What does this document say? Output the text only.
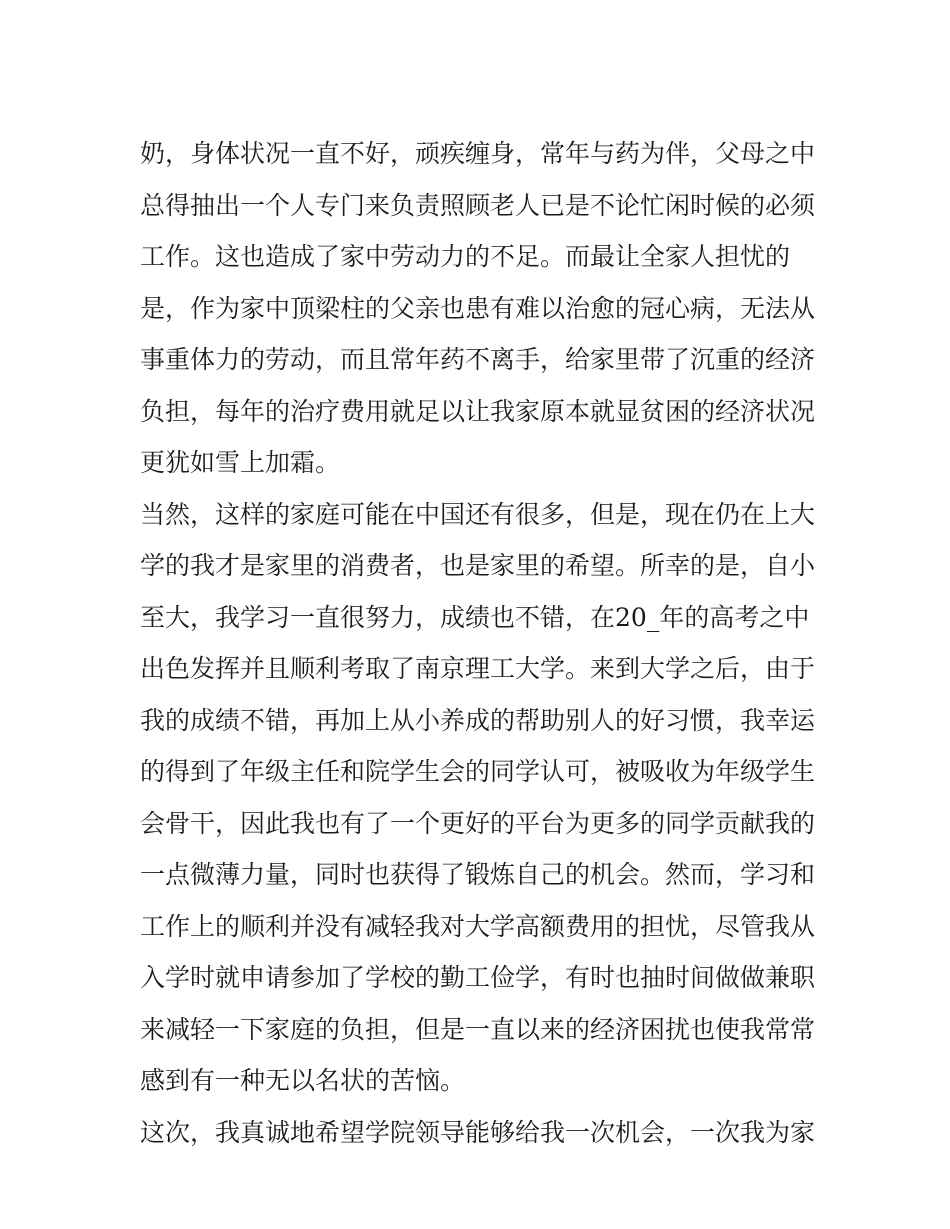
奶，身体状况一直不好，顽疾缠身，常年与药为伴，父母之中
总得抽出一个人专门来负责照顾老人已是不论忙闲时候的必须
工作。这也造成了家中劳动力的不足。而最让全家人担忧的
是，作为家中顶梁柱的父亲也患有难以治愈的冠心病，无法从
事重体力的劳动，而且常年药不离手，给家里带了沉重的经济
负担，每年的治疗费用就足以让我家原本就显贫困的经济状况
更犹如雪上加霜。
当然，这样的家庭可能在中国还有很多，但是，现在仍在上大
学的我才是家里的消费者，也是家里的希望。所幸的是，自小
至大，我学习一直很努力，成绩也不错，在20_年的高考之中
出色发挥并且顺利考取了南京理工大学。来到大学之后，由于
我的成绩不错，再加上从小养成的帮助别人的好习惯，我幸运
的得到了年级主任和院学生会的同学认可，被吸收为年级学生
会骨干，因此我也有了一个更好的平台为更多的同学贡献我的
一点微薄力量，同时也获得了锻炼自己的机会。然而，学习和
工作上的顺利并没有减轻我对大学高额费用的担忧，尽管我从
入学时就申请参加了学校的勤工俭学，有时也抽时间做做兼职
来减轻一下家庭的负担，但是一直以来的经济困扰也使我常常
感到有一种无以名状的苦恼。
这次，我真诚地希望学院领导能够给我一次机会，一次我为家
